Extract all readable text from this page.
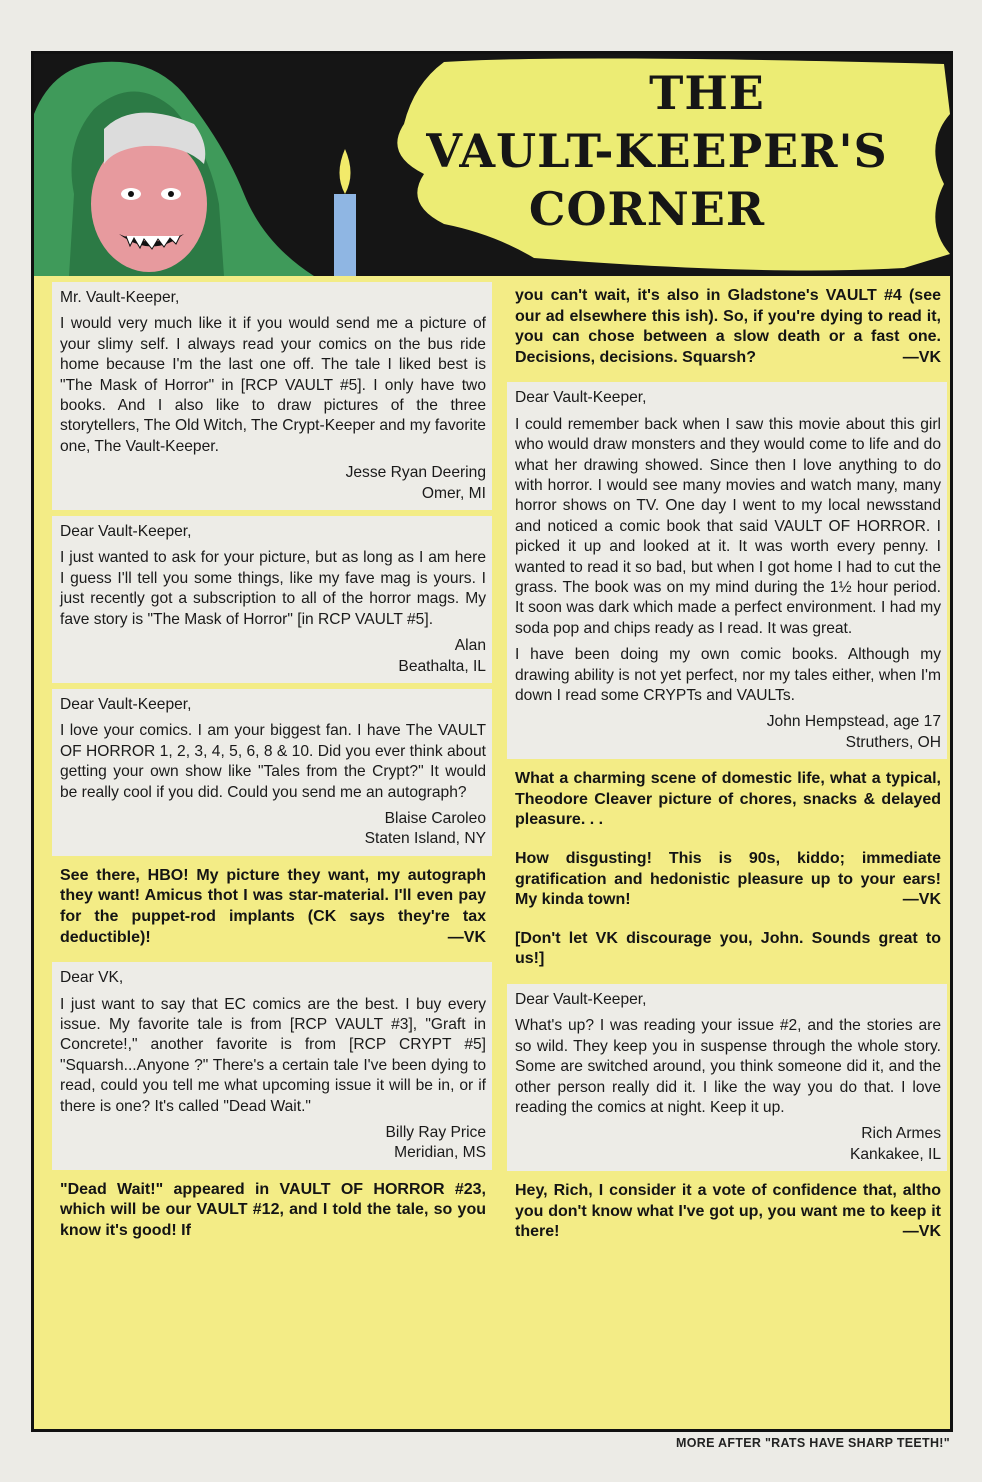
THE
VAULT-KEEPER'S
CORNER

Mr. Vault-Keeper,

I would very much like it if you would send me a picture of your slimy self. I always read your comics on the bus ride home because I'm the last one off. The tale I liked best is "The Mask of Horror" in [RCP VAULT #5]. I only have two books. And I also like to draw pictures of the three storytellers, The Old Witch, The Crypt-Keeper and my favorite one, The Vault-Keeper.

Jesse Ryan Deering
Omer, MI

Dear Vault-Keeper,

I just wanted to ask for your picture, but as long as I am here I guess I'll tell you some things, like my fave mag is yours. I just recently got a subscription to all of the horror mags. My fave story is "The Mask of Horror" [in RCP VAULT #5].

Alan
Beathalta, IL

Dear Vault-Keeper,

I love your comics. I am your biggest fan. I have The VAULT OF HORROR 1, 2, 3, 4, 5, 6, 8 & 10. Did you ever think about getting your own show like "Tales from the Crypt?" It would be really cool if you did. Could you send me an autograph?

Blaise Caroleo
Staten Island, NY
See there, HBO! My picture they want, my autograph they want! Amicus thot I was star-material. I'll even pay for the puppet-rod implants (CK says they're tax deductible)!	—VK

Dear VK,

I just want to say that EC comics are the best. I buy every issue. My favorite tale is from [RCP VAULT #3], "Graft in Concrete!," another favorite is from [RCP CRYPT #5] "Squarsh...Anyone ?" There's a certain tale I've been dying to read, could you tell me what upcoming issue it will be in, or if there is one? It's called "Dead Wait."

Billy Ray Price
Meridian, MS
"Dead Wait!" appeared in VAULT OF HORROR #23, which will be our VAULT #12, and I told the tale, so you know it's good! If
you can't wait, it's also in Gladstone's VAULT #4 (see our ad elsewhere this ish). So, if you're dying to read it, you can chose between a slow death or a fast one. Decisions, decisions. Squarsh?	—VK

Dear Vault-Keeper,

I could remember back when I saw this movie about this girl who would draw monsters and they would come to life and do what her drawing showed. Since then I love anything to do with horror. I would see many movies and watch many, many horror shows on TV. One day I went to my local newsstand and noticed a comic book that said VAULT OF HORROR. I picked it up and looked at it. It was worth every penny. I wanted to read it so bad, but when I got home I had to cut the grass. The book was on my mind during the 1½ hour period. It soon was dark which made a perfect environment. I had my soda pop and chips ready as I read. It was great.

I have been doing my own comic books. Although my drawing ability is not yet perfect, nor my tales either, when I'm down I read some CRYPTs and VAULTs.

John Hempstead, age 17
Struthers, OH
What a charming scene of domestic life, what a typical, Theodore Cleaver picture of chores, snacks & delayed pleasure. . .
How disgusting! This is 90s, kiddo; immediate gratification and hedonistic pleasure up to your ears! My kinda town!	—VK
[Don't let VK discourage you, John. Sounds great to us!]

Dear Vault-Keeper,

What's up? I was reading your issue #2, and the stories are so wild. They keep you in suspense through the whole story. Some are switched around, you think someone did it, and the other person really did it. I like the way you do that. I love reading the comics at night. Keep it up.

Rich Armes
Kankakee, IL
Hey, Rich, I consider it a vote of confidence that, altho you don't know what I've got up, you want me to keep it there!	—VK
MORE AFTER "RATS HAVE SHARP TEETH!"
